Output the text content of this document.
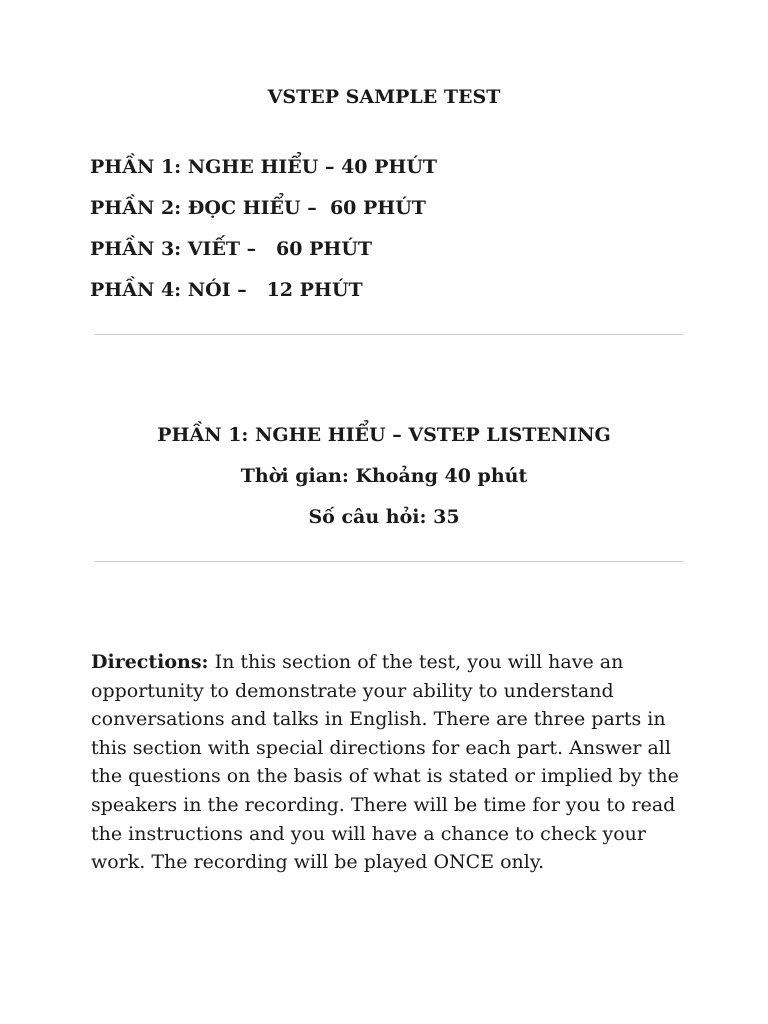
VSTEP SAMPLE TEST
PHẦN 1: NGHE HIỂU – 40 PHÚT
PHẦN 2: ĐỌC HIỂU –  60 PHÚT
PHẦN 3: VIẾT –   60 PHÚT
PHẦN 4: NÓI –   12 PHÚT
PHẦN 1: NGHE HIỂU – VSTEP LISTENING
Thời gian: Khoảng 40 phút
Số câu hỏi: 35
Directions: In this section of the test, you will have an opportunity to demonstrate your ability to understand conversations and talks in English. There are three parts in this section with special directions for each part. Answer all the questions on the basis of what is stated or implied by the speakers in the recording. There will be time for you to read the instructions and you will have a chance to check your work. The recording will be played ONCE only.
